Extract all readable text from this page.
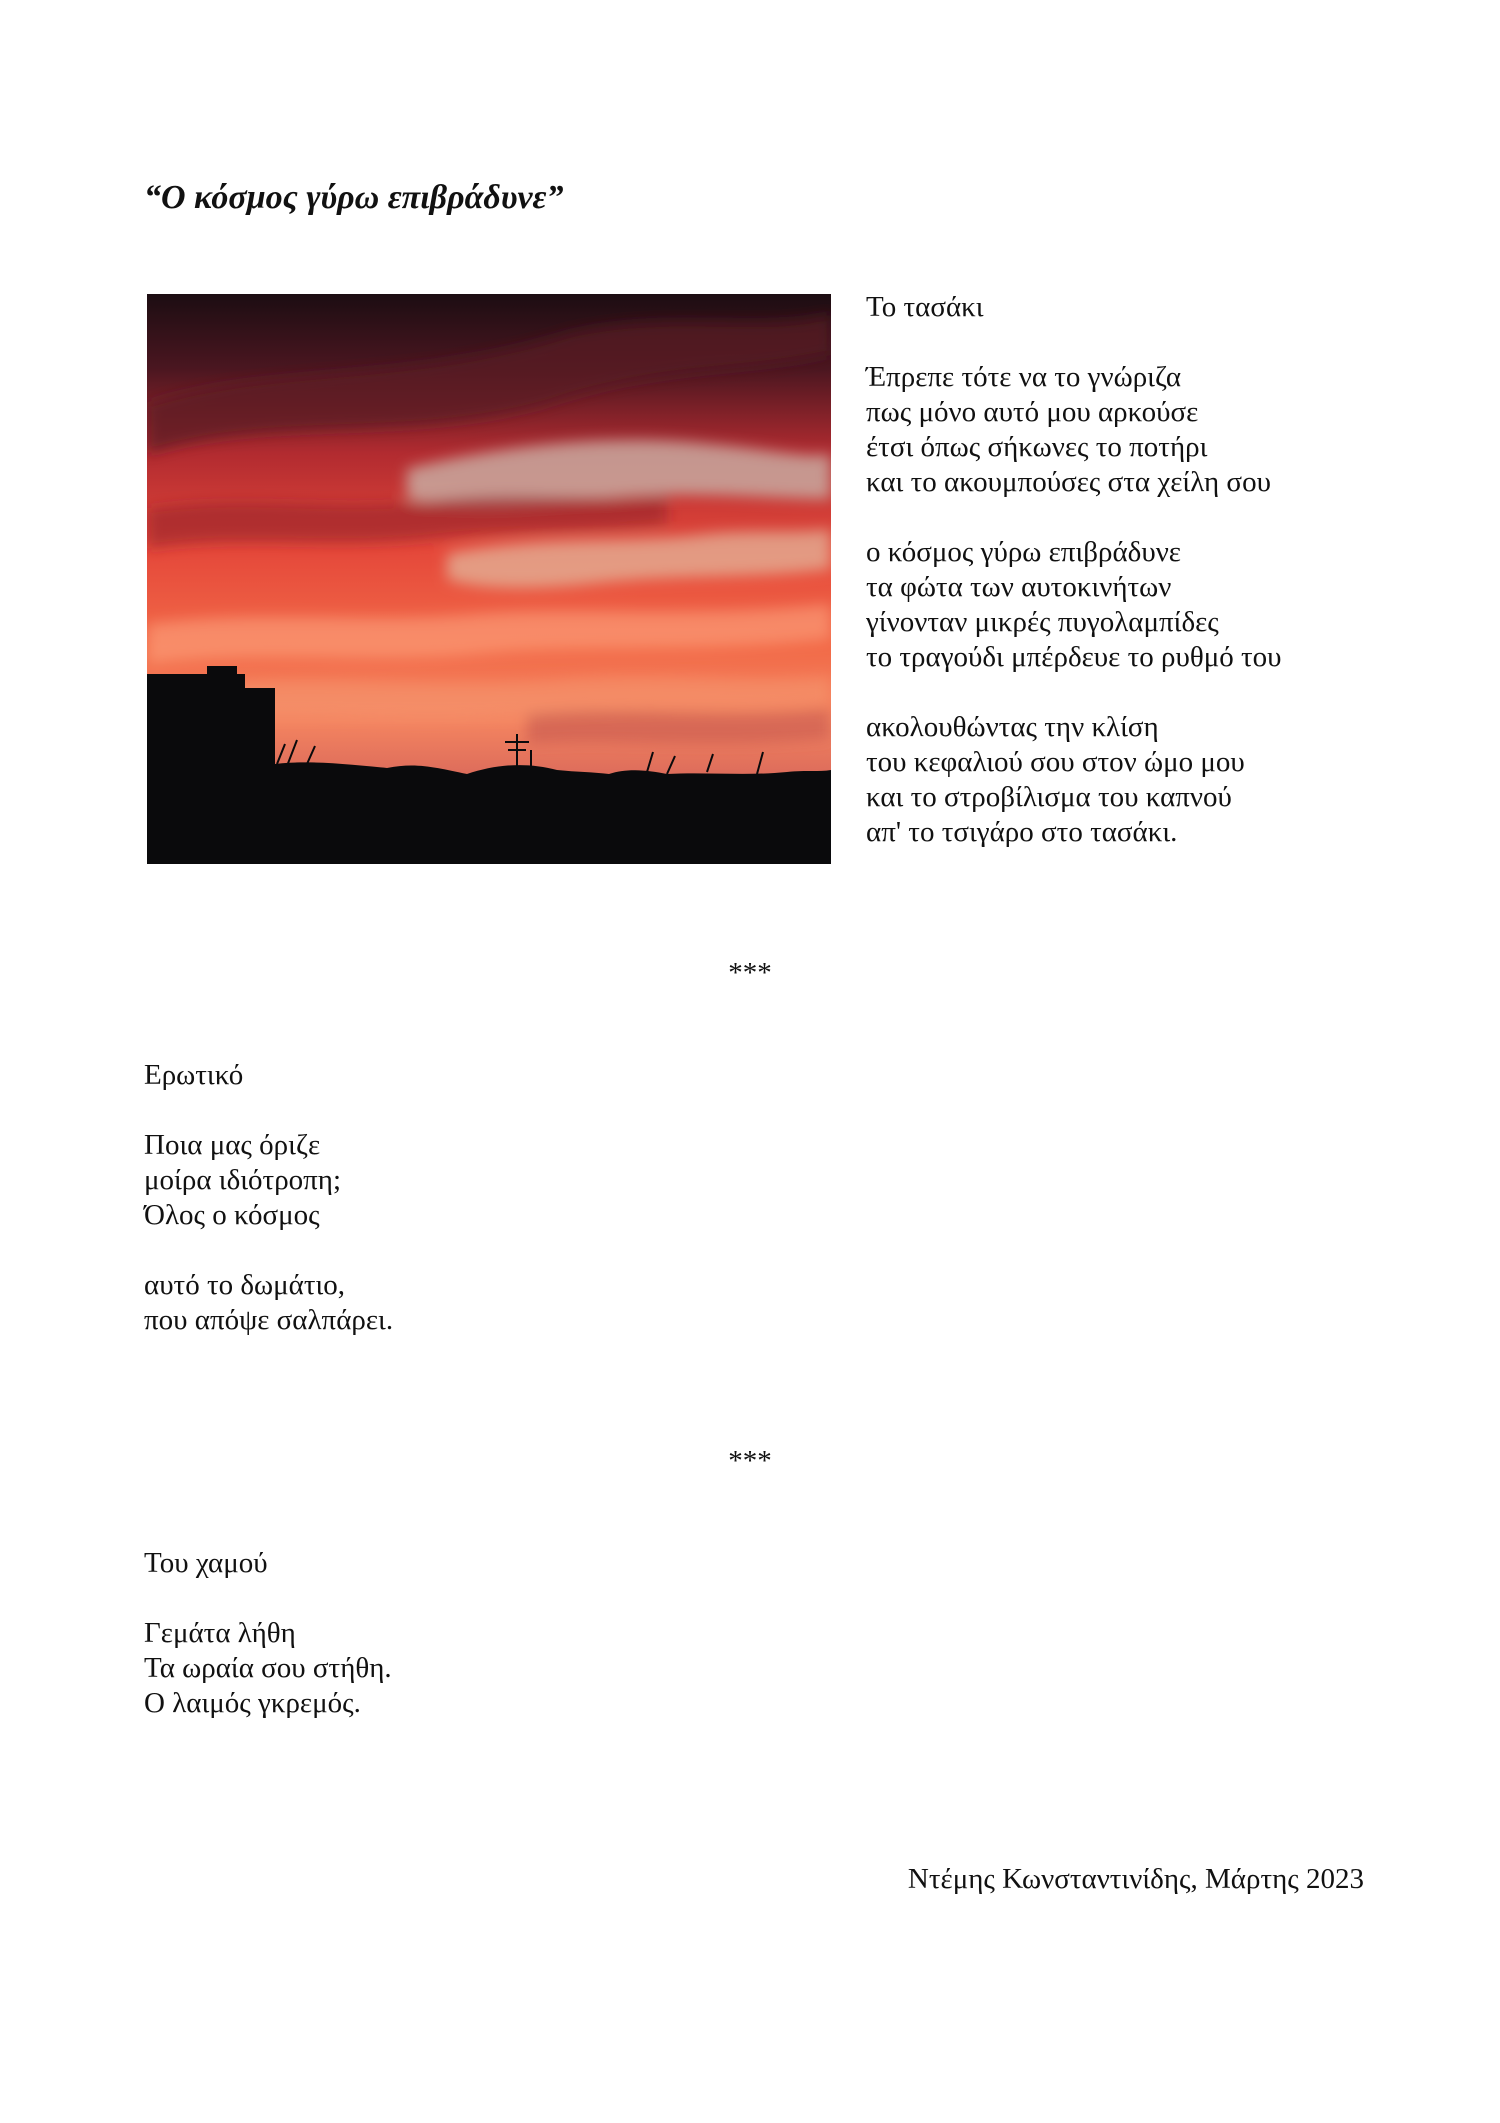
“Ο κόσμος γύρω επιβράδυνε”
Το τασάκι
Έπρεπε τότε να το γνώριζα
πως μόνο αυτό μου αρκούσε
έτσι όπως σήκωνες το ποτήρι
και το ακουμπούσες στα χείλη σου
ο κόσμος γύρω επιβράδυνε
τα φώτα των αυτοκινήτων
γίνονταν μικρές πυγολαμπίδες
το τραγούδι μπέρδευε το ρυθμό του
ακολουθώντας την κλίση
του κεφαλιού σου στον ώμο μου
και το στροβίλισμα του καπνού
απ' το τσιγάρο στο τασάκι.
***
Ερωτικό
Ποια μας όριζε
μοίρα ιδιότροπη;
Όλος ο κόσμος
αυτό το δωμάτιο,
που απόψε σαλπάρει.
***
Του χαμού
Γεμάτα λήθη
Τα ωραία σου στήθη.
Ο λαιμός γκρεμός.
Ντέμης Κωνσταντινίδης, Μάρτης 2023
